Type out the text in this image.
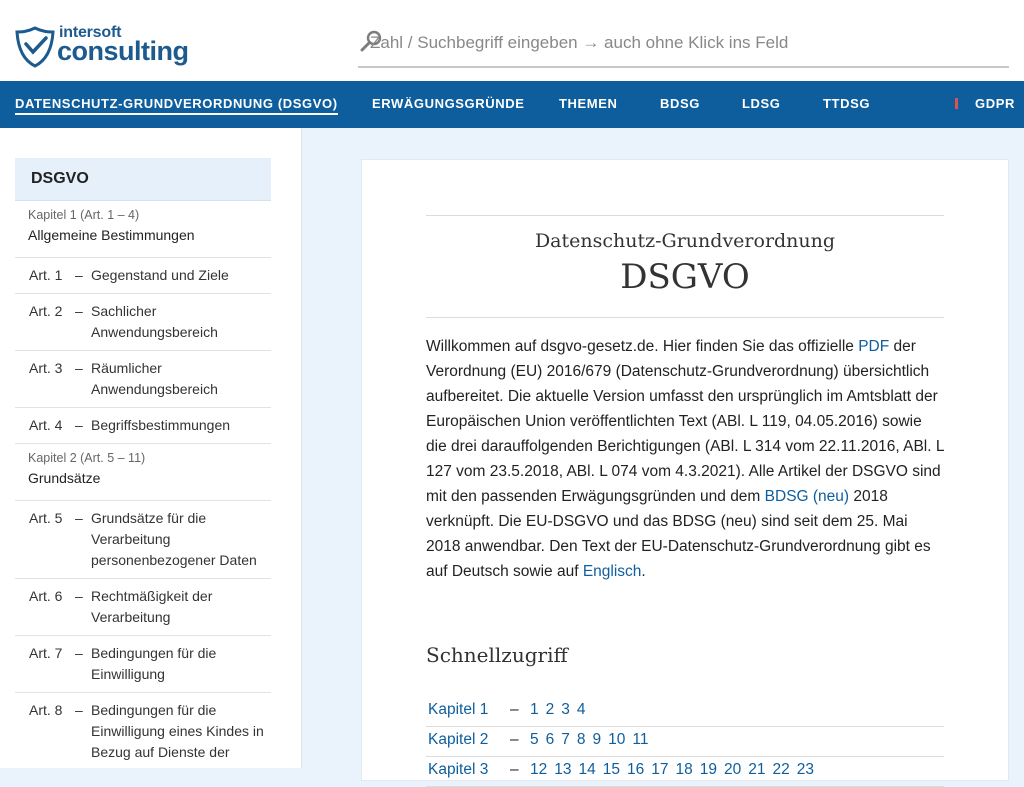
intersoft
consulting
Zahl / Suchbegriff eingeben → auch ohne Klick ins Feld
DATENSCHUTZ-GRUNDVERORDNUNG (DSGVO)	ERWÄGUNGSGRÜNDE	THEMEN	BDSG	LDSG	TTDSG	GDPR
DSGVO
Kapitel 1 (Art. 1 – 4)
Allgemeine Bestimmungen
Art. 1 – Gegenstand und Ziele
Art. 2 – Sachlicher Anwendungsbereich
Art. 3 – Räumlicher Anwendungsbereich
Art. 4 – Begriffsbestimmungen
Kapitel 2 (Art. 5 – 11)
Grundsätze
Art. 5 – Grundsätze für die Verarbeitung personenbezogener Daten
Art. 6 – Rechtmäßigkeit der Verarbeitung
Art. 7 – Bedingungen für die Einwilligung
Art. 8 – Bedingungen für die Einwilligung eines Kindes in Bezug auf Dienste der
Datenschutz-Grundverordnung
DSGVO
Willkommen auf dsgvo-gesetz.de. Hier finden Sie das offizielle PDF der Verordnung (EU) 2016/679 (Datenschutz-Grundverordnung) übersichtlich aufbereitet. Die aktuelle Version umfasst den ursprünglich im Amtsblatt der Europäischen Union veröffentlichten Text (ABl. L 119, 04.05.2016) sowie die drei darauffolgenden Berichtigungen (ABl. L 314 vom 22.11.2016, ABl. L 127 vom 23.5.2018, ABl. L 074 vom 4.3.2021). Alle Artikel der DSGVO sind mit den passenden Erwägungsgründen und dem BDSG (neu) 2018 verknüpft. Die EU-DSGVO und das BDSG (neu) sind seit dem 25. Mai 2018 anwendbar. Den Text der EU-Datenschutz-Grundverordnung gibt es auf Deutsch sowie auf Englisch.
Schnellzugriff
Kapitel 1 – 1 2 3 4
Kapitel 2 – 5 6 7 8 9 10 11
Kapitel 3 – 12 13 14 15 16 17 18 19 20 21 22 23
